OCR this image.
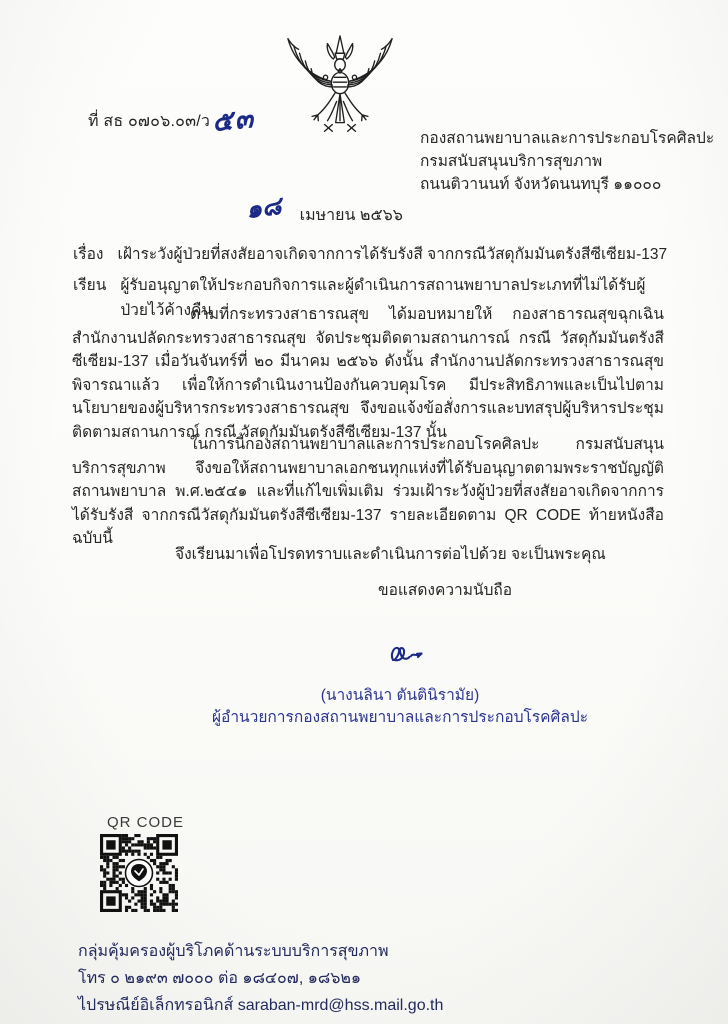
ที่ สธ ๐๗๐๖.๐๓/ว ๕๓
กองสถานพยาบาลและการประกอบโรคศิลปะ
กรมสนับสนุนบริการสุขภาพ
ถนนติวานนท์ จังหวัดนนทบุรี ๑๑๐๐๐
๑๘ เมษายน ๒๕๖๖
เรื่อง เฝ้าระวังผู้ป่วยที่สงสัยอาจเกิดจากการได้รับรังสี จากกรณีวัสดุกัมมันตรังสีซีเซียม-137
เรียน ผู้รับอนุญาตให้ประกอบกิจการและผู้ดำเนินการสถานพยาบาลประเภทที่ไม่ได้รับผู้ป่วยไว้ค้างคืน
ตามที่กระทรวงสาธารณสุข ได้มอบหมายให้ กองสาธารณสุขฉุกเฉิน สำนักงานปลัดกระทรวงสาธารณสุข จัดประชุมติดตามสถานการณ์ กรณี วัสดุกัมมันตรังสีซีเซียม-137 เมื่อวันจันทร์ที่ ๒๐ มีนาคม ๒๕๖๖ ดังนั้น สำนักงานปลัดกระทรวงสาธารณสุข พิจารณาแล้ว เพื่อให้การดำเนินงานป้องกันควบคุมโรค มีประสิทธิภาพและเป็นไปตามนโยบายของผู้บริหารกระทรวงสาธารณสุข จึงขอแจ้งข้อสั่งการและบทสรุปผู้บริหารประชุมติดตามสถานการณ์ กรณี วัสดุกัมมันตรังสีซีเซียม-137 นั้น
ในการนี้กองสถานพยาบาลและการประกอบโรคศิลปะ กรมสนับสนุนบริการสุขภาพ จึงขอให้สถานพยาบาลเอกชนทุกแห่งที่ได้รับอนุญาตตามพระราชบัญญัติสถานพยาบาล พ.ศ.๒๕๔๑ และที่แก้ไขเพิ่มเติม ร่วมเฝ้าระวังผู้ป่วยที่สงสัยอาจเกิดจากการได้รับรังสี จากกรณีวัสดุกัมมันตรังสีซีเซียม-137 รายละเอียดตาม QR CODE ท้ายหนังสือฉบับนี้
จึงเรียนมาเพื่อโปรดทราบและดำเนินการต่อไปด้วย จะเป็นพระคุณ
ขอแสดงความนับถือ
(นางนลินา ตันตินิรามัย)
ผู้อำนวยการกองสถานพยาบาลและการประกอบโรคศิลปะ
QR CODE
กลุ่มคุ้มครองผู้บริโภคด้านระบบบริการสุขภาพ
โทร ๐ ๒๑๙๓ ๗๐๐๐ ต่อ ๑๘๔๐๗, ๑๘๖๒๑
ไปรษณีย์อิเล็กทรอนิกส์ saraban-mrd@hss.mail.go.th
